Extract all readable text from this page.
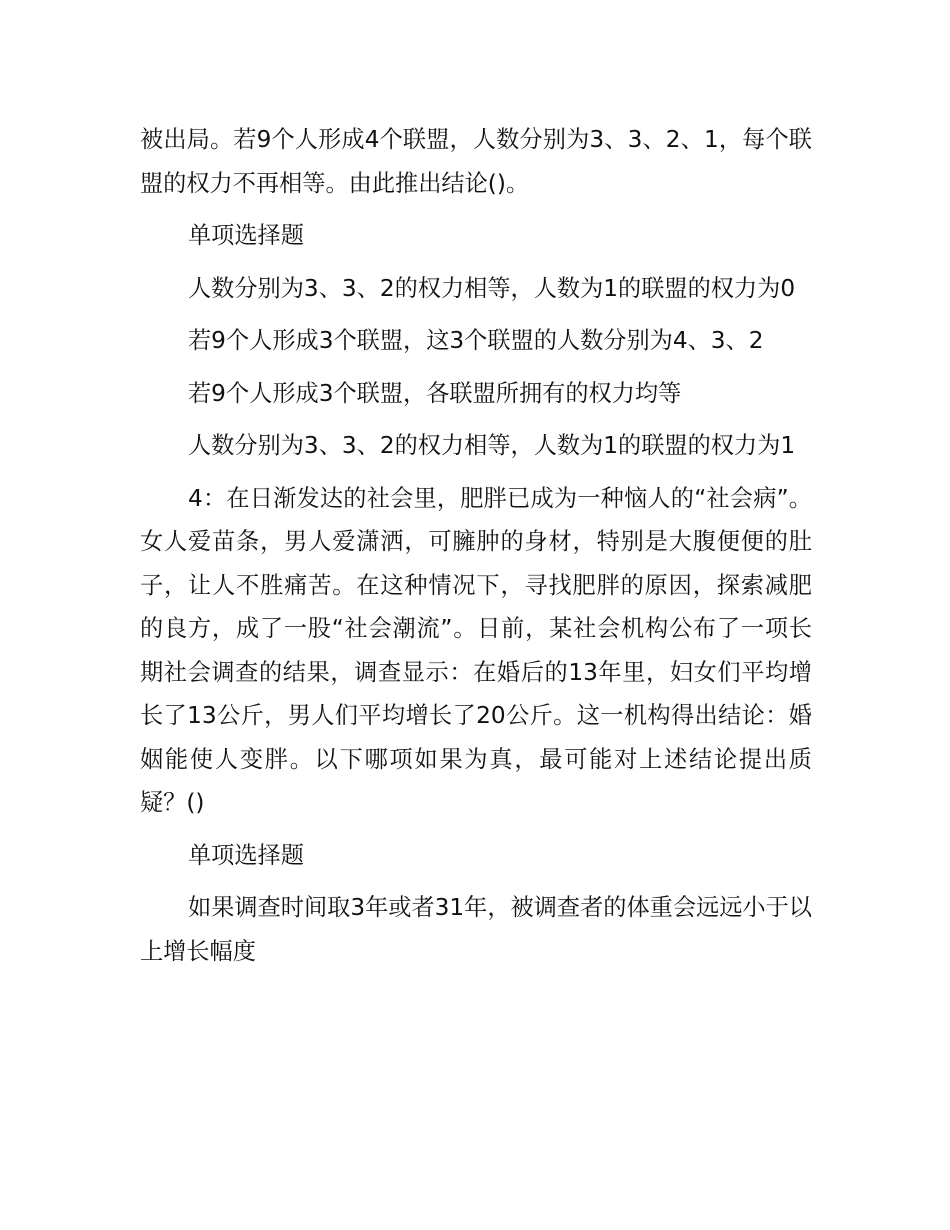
被出局。若9个人形成4个联盟，人数分别为3、3、2、1，每个联盟的权力不再相等。由此推出结论()。

单项选择题

人数分别为3、3、2的权力相等，人数为1的联盟的权力为0

若9个人形成3个联盟，这3个联盟的人数分别为4、3、2

若9个人形成3个联盟，各联盟所拥有的权力均等

人数分别为3、3、2的权力相等，人数为1的联盟的权力为1

4：在日渐发达的社会里，肥胖已成为一种恼人的“社会病”。女人爱苗条，男人爱潇洒，可臃肿的身材，特别是大腹便便的肚子，让人不胜痛苦。在这种情况下，寻找肥胖的原因，探索减肥的良方，成了一股“社会潮流”。日前，某社会机构公布了一项长期社会调查的结果，调查显示：在婚后的13年里，妇女们平均增长了13公斤，男人们平均增长了20公斤。这一机构得出结论：婚姻能使人变胖。以下哪项如果为真，最可能对上述结论提出质疑？()

单项选择题

如果调查时间取3年或者31年，被调查者的体重会远远小于以上增长幅度
